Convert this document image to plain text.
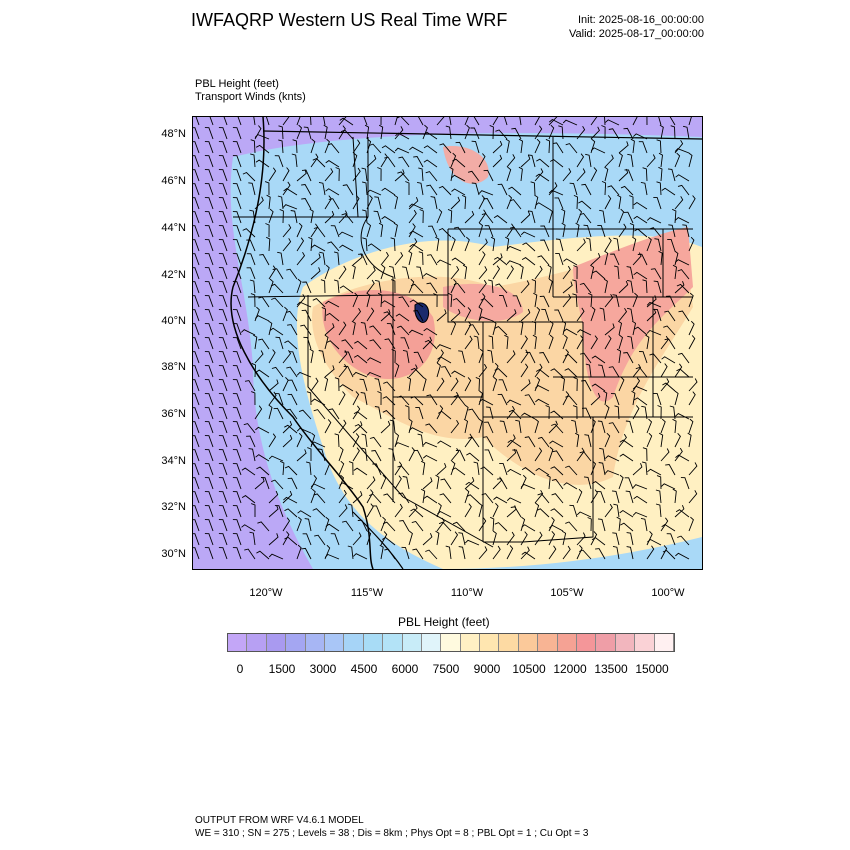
IWFAQRP Western US Real Time WRF	Init: 2025-08-16_00:00:00
Valid: 2025-08-17_00:00:00
PBL Height (feet)
Transport Winds (knts)
48°N
46°N
44°N
42°N
40°N
38°N
36°N
34°N
32°N
30°N
120°W	115°W	110°W	105°W	100°W
PBL Height (feet)
0 1500 3000 4500 6000 7500 9000 10500 12000 13500 15000
OUTPUT FROM WRF V4.6.1 MODEL
WE = 310 ; SN = 275 ; Levels = 38 ; Dis = 8km ; Phys Opt = 8 ; PBL Opt = 1 ; Cu Opt = 3
